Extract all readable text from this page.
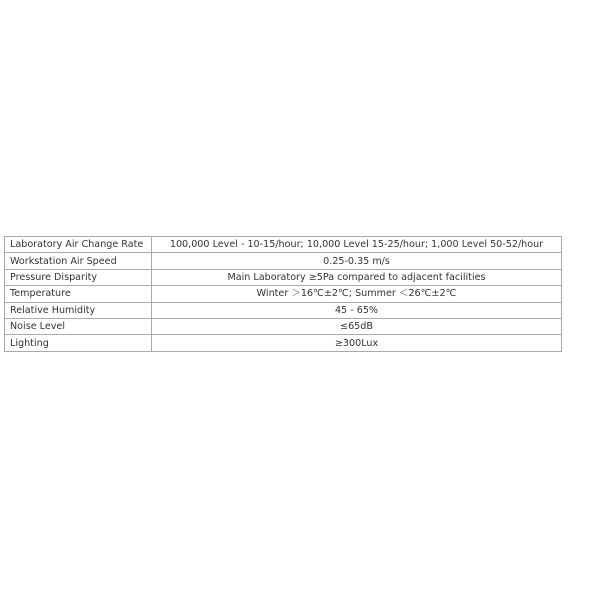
Laboratory Air Change Rate	100,000 Level - 10-15/hour; 10,000 Level 15-25/hour; 1,000 Level 50-52/hour
Workstation Air Speed	0.25-0.35 m/s
Pressure Disparity	Main Laboratory ≥5Pa compared to adjacent facilities
Temperature	Winter ＞16℃±2℃; Summer ＜26℃±2℃
Relative Humidity	45 - 65%
Noise Level	≤65dB
Lighting	≥300Lux
